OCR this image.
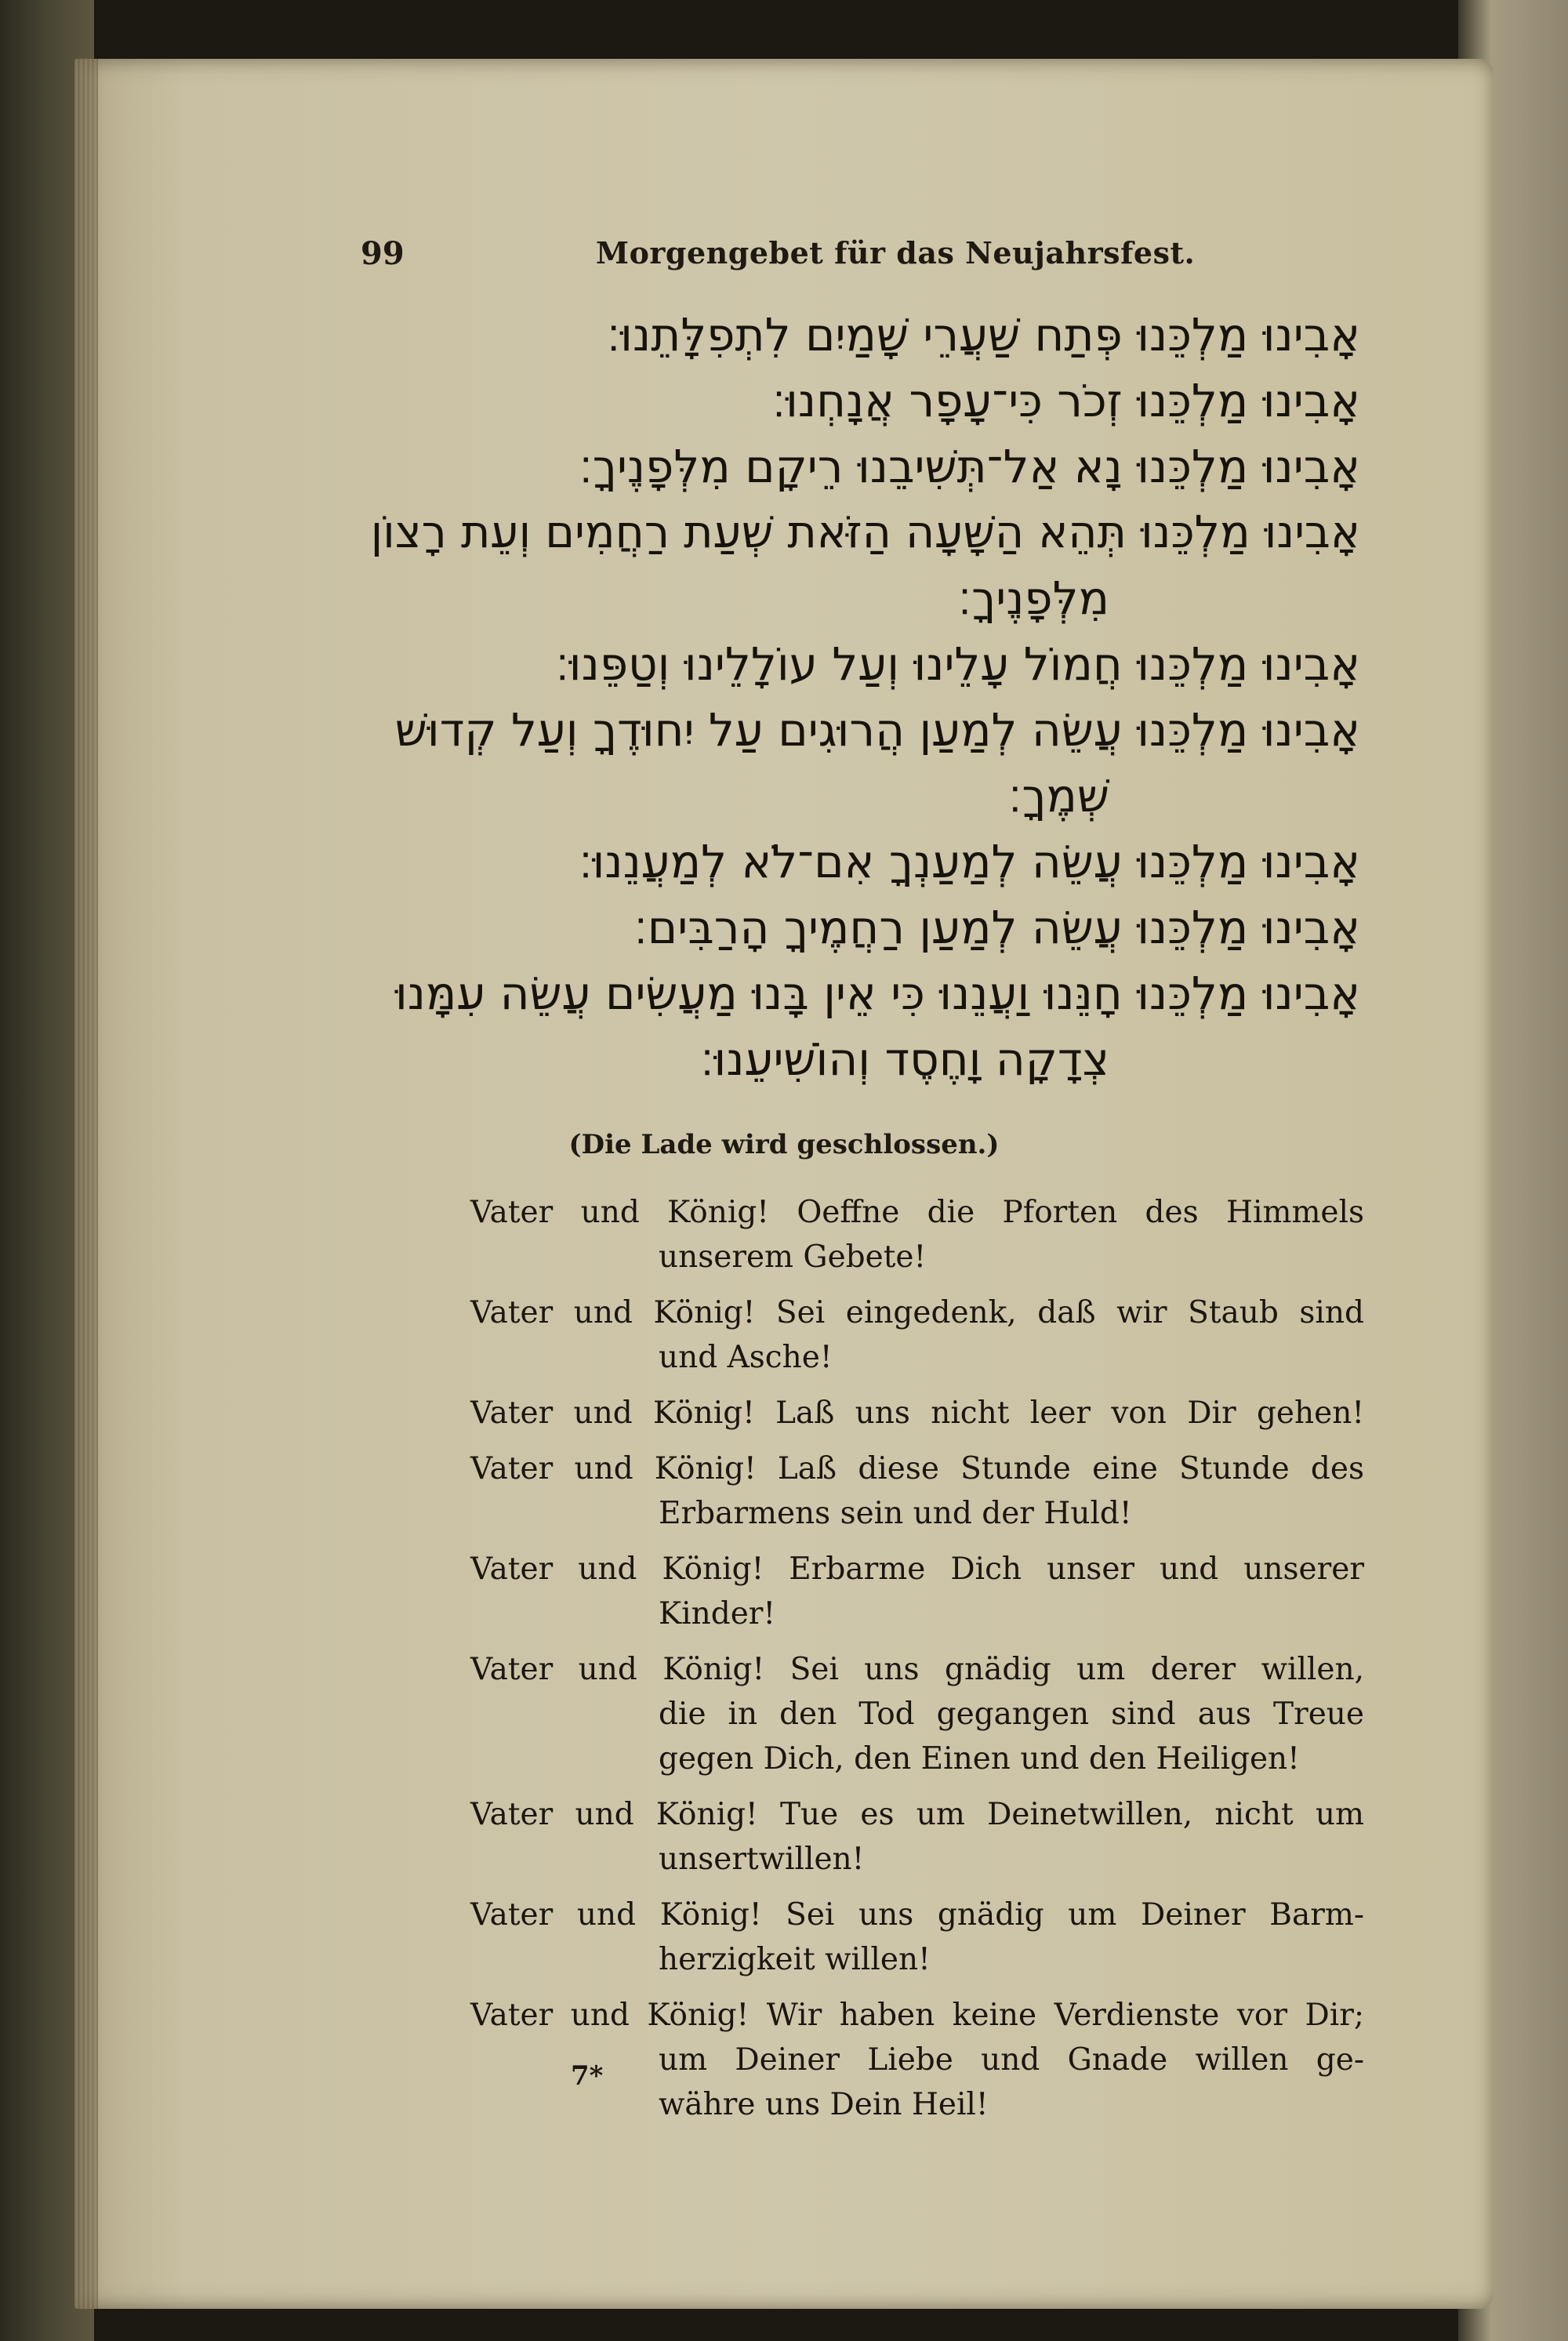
99	Morgengebet für das Neujahrsfest.
אָבִינוּ מַלְכֵּנוּ פְּתַח שַׁעֲרֵי שָׁמַיִם לִתְפִלָּתֵנוּ׃
אָבִינוּ מַלְכֵּנוּ זְכֹר כִּי־עָפָר אֲנָחְנוּ׃
אָבִינוּ מַלְכֵּנוּ נָא אַל־תְּשִׁיבֵנוּ רֵיקָם מִלְּפָנֶיךָ׃
אָבִינוּ מַלְכֵּנוּ תְּהֵא הַשָּׁעָה הַזֹּאת שְׁעַת רַחֲמִים וְעֵת רָצוֹן
מִלְּפָנֶיךָ׃
אָבִינוּ מַלְכֵּנוּ חֲמוֹל עָלֵינוּ וְעַל עוֹלָלֵינוּ וְטַפֵּנוּ׃
אָבִינוּ מַלְכֵּנוּ עֲשֵׂה לְמַעַן הֲרוּגִים עַל יִחוּדֶךָ וְעַל קְדוּשׁ
שְׁמֶךָ׃
אָבִינוּ מַלְכֵּנוּ עֲשֵׂה לְמַעַנְךָ אִם־לֹא לְמַעֲנֵנוּ׃
אָבִינוּ מַלְכֵּנוּ עֲשֵׂה לְמַעַן רַחֲמֶיךָ הָרַבִּים׃
אָבִינוּ מַלְכֵּנוּ חָנֵּנוּ וַעֲנֵנוּ כִּי אֵין בָּנוּ מַעֲשִׂים עֲשֵׂה עִמָּנוּ
צְדָקָה וָחֶסֶד וְהוֹשִׁיעֵנוּ׃
(Die Lade wird geschlossen.)
Vater und König! Oeffne die Pforten des Himmels
unserem Gebete!
Vater und König! Sei eingedenk, daß wir Staub sind
und Asche!
Vater und König! Laß uns nicht leer von Dir gehen!
Vater und König! Laß diese Stunde eine Stunde des
Erbarmens sein und der Huld!
Vater und König! Erbarme Dich unser und unserer
Kinder!
Vater und König! Sei uns gnädig um derer willen,
die in den Tod gegangen sind aus Treue
gegen Dich, den Einen und den Heiligen!
Vater und König! Tue es um Deinetwillen, nicht um
unsertwillen!
Vater und König! Sei uns gnädig um Deiner Barm-
herzigkeit willen!
Vater und König! Wir haben keine Verdienste vor Dir;
um Deiner Liebe und Gnade willen ge-
währe uns Dein Heil!
7*
